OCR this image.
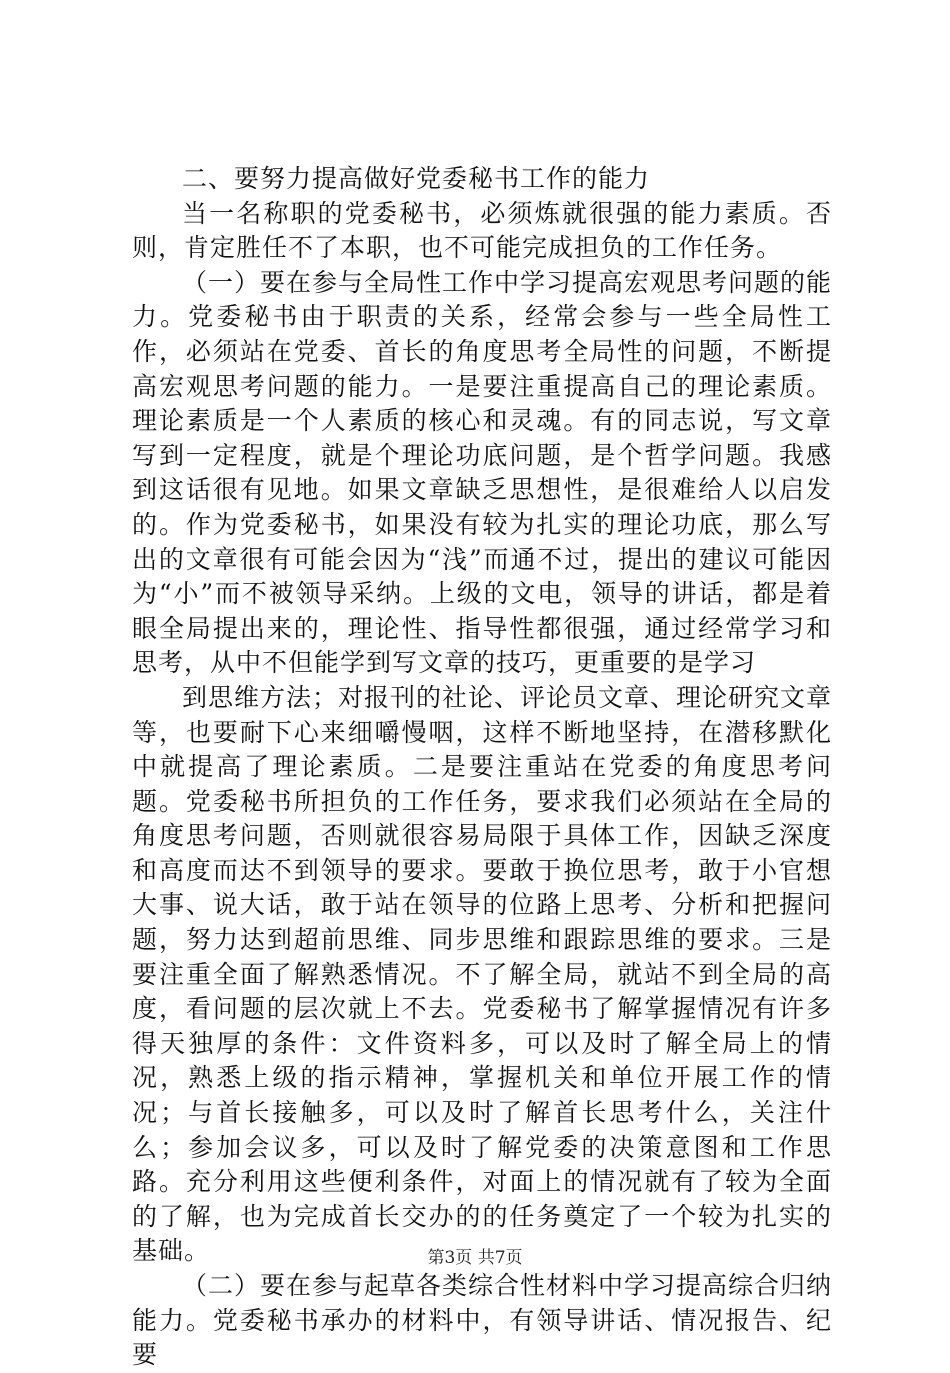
二、要努力提高做好党委秘书工作的能力

当一名称职的党委秘书，必须炼就很强的能力素质。否则，肯定胜任不了本职，也不可能完成担负的工作任务。

（一）要在参与全局性工作中学习提高宏观思考问题的能力。党委秘书由于职责的关系，经常会参与一些全局性工作，必须站在党委、首长的角度思考全局性的问题，不断提高宏观思考问题的能力。一是要注重提高自己的理论素质。理论素质是一个人素质的核心和灵魂。有的同志说，写文章写到一定程度，就是个理论功底问题，是个哲学问题。我感到这话很有见地。如果文章缺乏思想性，是很难给人以启发的。作为党委秘书，如果没有较为扎实的理论功底，那么写出的文章很有可能会因为“浅”而通不过，提出的建议可能因为“小”而不被领导采纳。上级的文电，领导的讲话，都是着眼全局提出来的，理论性、指导性都很强，通过经常学习和思考，从中不但能学到写文章的技巧，更重要的是学习

到思维方法；对报刊的社论、评论员文章、理论研究文章等，也要耐下心来细嚼慢咽，这样不断地坚持，在潜移默化中就提高了理论素质。二是要注重站在党委的角度思考问题。党委秘书所担负的工作任务，要求我们必须站在全局的角度思考问题，否则就很容易局限于具体工作，因缺乏深度和高度而达不到领导的要求。要敢于换位思考，敢于小官想大事、说大话，敢于站在领导的位路上思考、分析和把握问题，努力达到超前思维、同步思维和跟踪思维的要求。三是要注重全面了解熟悉情况。不了解全局，就站不到全局的高度，看问题的层次就上不去。党委秘书了解掌握情况有许多得天独厚的条件：文件资料多，可以及时了解全局上的情况，熟悉上级的指示精神，掌握机关和单位开展工作的情况；与首长接触多，可以及时了解首长思考什么，关注什么；参加会议多，可以及时了解党委的决策意图和工作思路。充分利用这些便利条件，对面上的情况就有了较为全面的了解，也为完成首长交办的的任务奠定了一个较为扎实的基础。

（二）要在参与起草各类综合性材料中学习提高综合归纳能力。党委秘书承办的材料中，有领导讲话、情况报告、纪要

第3页 共7页
